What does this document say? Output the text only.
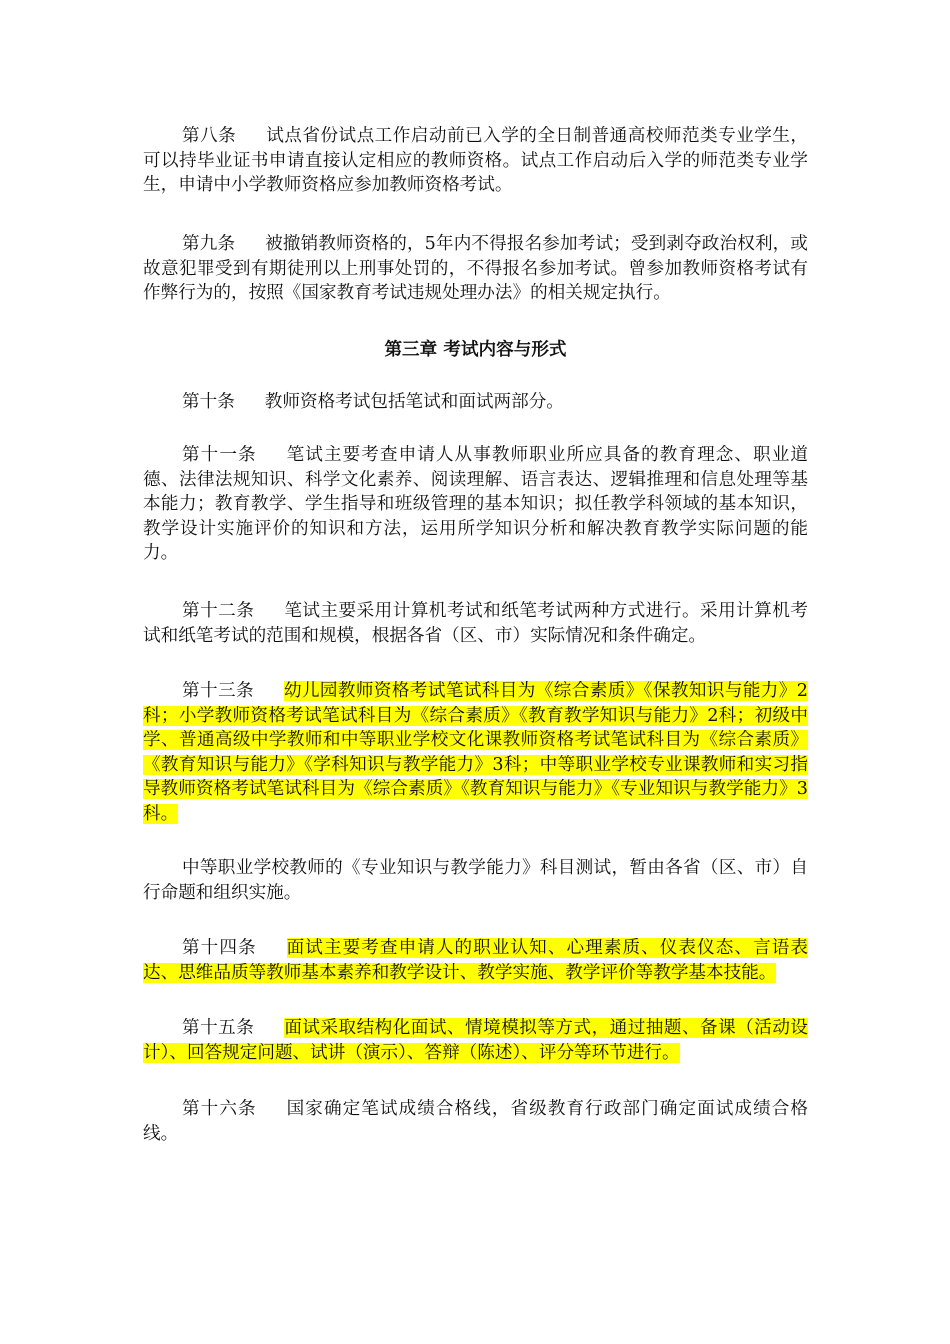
第八条 试点省份试点工作启动前已入学的全日制普通高校师范类专业学生，可以持毕业证书申请直接认定相应的教师资格。试点工作启动后入学的师范类专业学生，申请中小学教师资格应参加教师资格考试。

第九条 被撤销教师资格的，5年内不得报名参加考试；受到剥夺政治权利，或故意犯罪受到有期徒刑以上刑事处罚的，不得报名参加考试。曾参加教师资格考试有作弊行为的，按照《国家教育考试违规处理办法》的相关规定执行。

第三章 考试内容与形式

第十条 教师资格考试包括笔试和面试两部分。

第十一条 笔试主要考查申请人从事教师职业所应具备的教育理念、职业道德、法律法规知识、科学文化素养、阅读理解、语言表达、逻辑推理和信息处理等基本能力；教育教学、学生指导和班级管理的基本知识；拟任教学科领域的基本知识，教学设计实施评价的知识和方法，运用所学知识分析和解决教育教学实际问题的能力。

第十二条 笔试主要采用计算机考试和纸笔考试两种方式进行。采用计算机考试和纸笔考试的范围和规模，根据各省（区、市）实际情况和条件确定。

第十三条 幼儿园教师资格考试笔试科目为《综合素质》《保教知识与能力》2科；小学教师资格考试笔试科目为《综合素质》《教育教学知识与能力》2科；初级中学、普通高级中学教师和中等职业学校文化课教师资格考试笔试科目为《综合素质》《教育知识与能力》《学科知识与教学能力》3科；中等职业学校专业课教师和实习指导教师资格考试笔试科目为《综合素质》《教育知识与能力》《专业知识与教学能力》3科。

中等职业学校教师的《专业知识与教学能力》科目测试，暂由各省（区、市）自行命题和组织实施。

第十四条 面试主要考查申请人的职业认知、心理素质、仪表仪态、言语表达、思维品质等教师基本素养和教学设计、教学实施、教学评价等教学基本技能。

第十五条 面试采取结构化面试、情境模拟等方式，通过抽题、备课（活动设计）、回答规定问题、试讲（演示）、答辩（陈述）、评分等环节进行。

第十六条 国家确定笔试成绩合格线，省级教育行政部门确定面试成绩合格线。
